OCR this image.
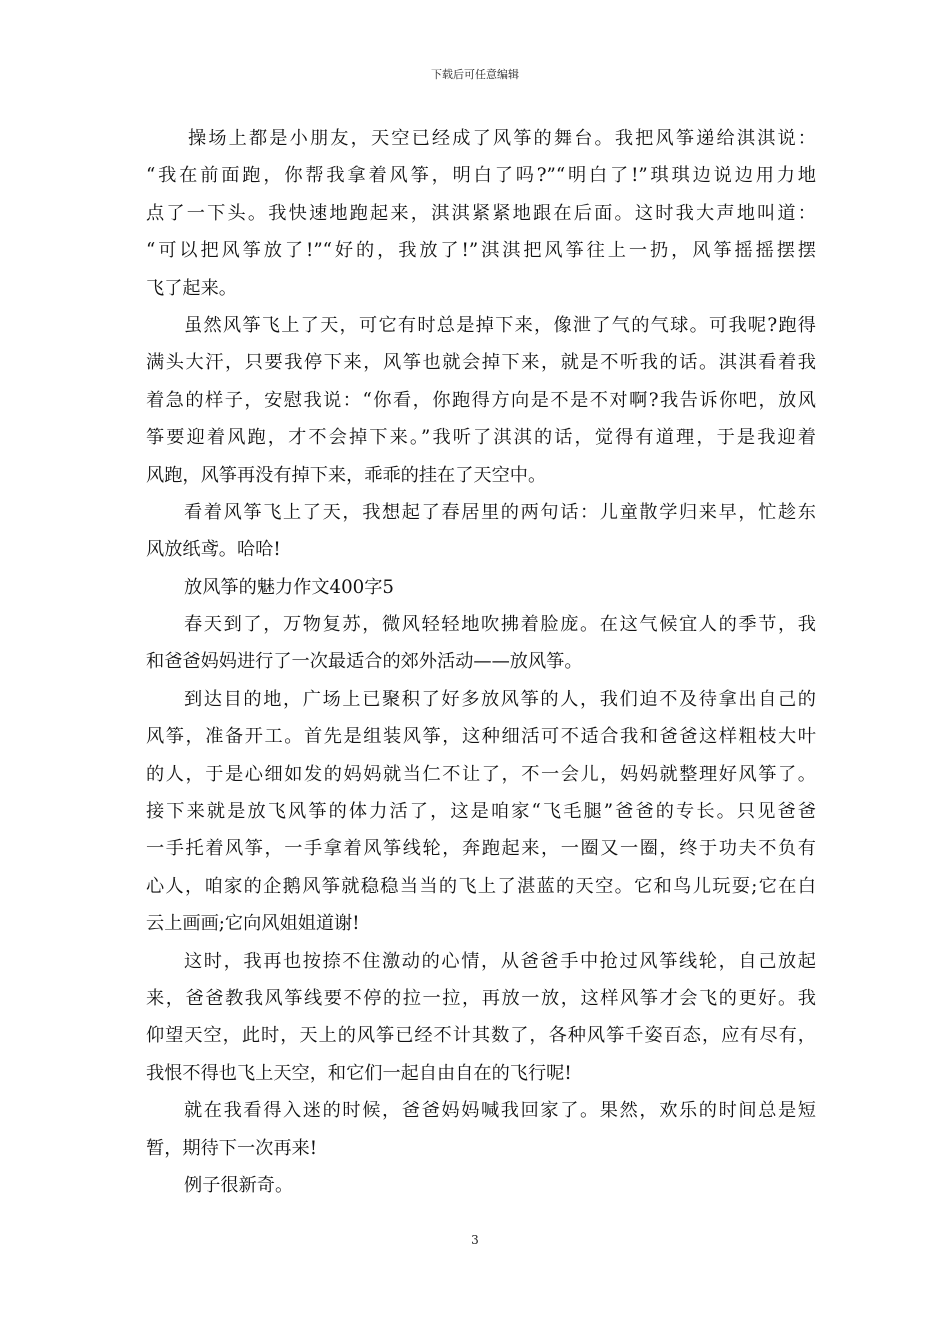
下载后可任意编辑
操场上都是小朋友，天空已经成了风筝的舞台。我把风筝递给淇淇说：
“我在前面跑，你帮我拿着风筝，明白了吗?”“明白了!”琪琪边说边用力地
点了一下头。我快速地跑起来，淇淇紧紧地跟在后面。这时我大声地叫道：
“可以把风筝放了!”“好的，我放了!”淇淇把风筝往上一扔，风筝摇摇摆摆
飞了起来。
虽然风筝飞上了天，可它有时总是掉下来，像泄了气的气球。可我呢?跑得
满头大汗，只要我停下来，风筝也就会掉下来，就是不听我的话。淇淇看着我
着急的样子，安慰我说：“你看，你跑得方向是不是不对啊?我告诉你吧，放风
筝要迎着风跑，才不会掉下来。”我听了淇淇的话，觉得有道理，于是我迎着
风跑，风筝再没有掉下来，乖乖的挂在了天空中。
看着风筝飞上了天，我想起了春居里的两句话：儿童散学归来早，忙趁东
风放纸鸢。哈哈!
放风筝的魅力作文400字5
春天到了，万物复苏，微风轻轻地吹拂着脸庞。在这气候宜人的季节，我
和爸爸妈妈进行了一次最适合的郊外活动——放风筝。
到达目的地，广场上已聚积了好多放风筝的人，我们迫不及待拿出自己的
风筝，准备开工。首先是组装风筝，这种细活可不适合我和爸爸这样粗枝大叶
的人，于是心细如发的妈妈就当仁不让了，不一会儿，妈妈就整理好风筝了。
接下来就是放飞风筝的体力活了，这是咱家“飞毛腿”爸爸的专长。只见爸爸
一手托着风筝，一手拿着风筝线轮，奔跑起来，一圈又一圈，终于功夫不负有
心人，咱家的企鹅风筝就稳稳当当的飞上了湛蓝的天空。它和鸟儿玩耍;它在白
云上画画;它向风姐姐道谢!
这时，我再也按捺不住激动的心情，从爸爸手中抢过风筝线轮，自己放起
来，爸爸教我风筝线要不停的拉一拉，再放一放，这样风筝才会飞的更好。我
仰望天空，此时，天上的风筝已经不计其数了，各种风筝千姿百态，应有尽有，
我恨不得也飞上天空，和它们一起自由自在的飞行呢!
就在我看得入迷的时候，爸爸妈妈喊我回家了。果然，欢乐的时间总是短
暂，期待下一次再来!
例子很新奇。
3
